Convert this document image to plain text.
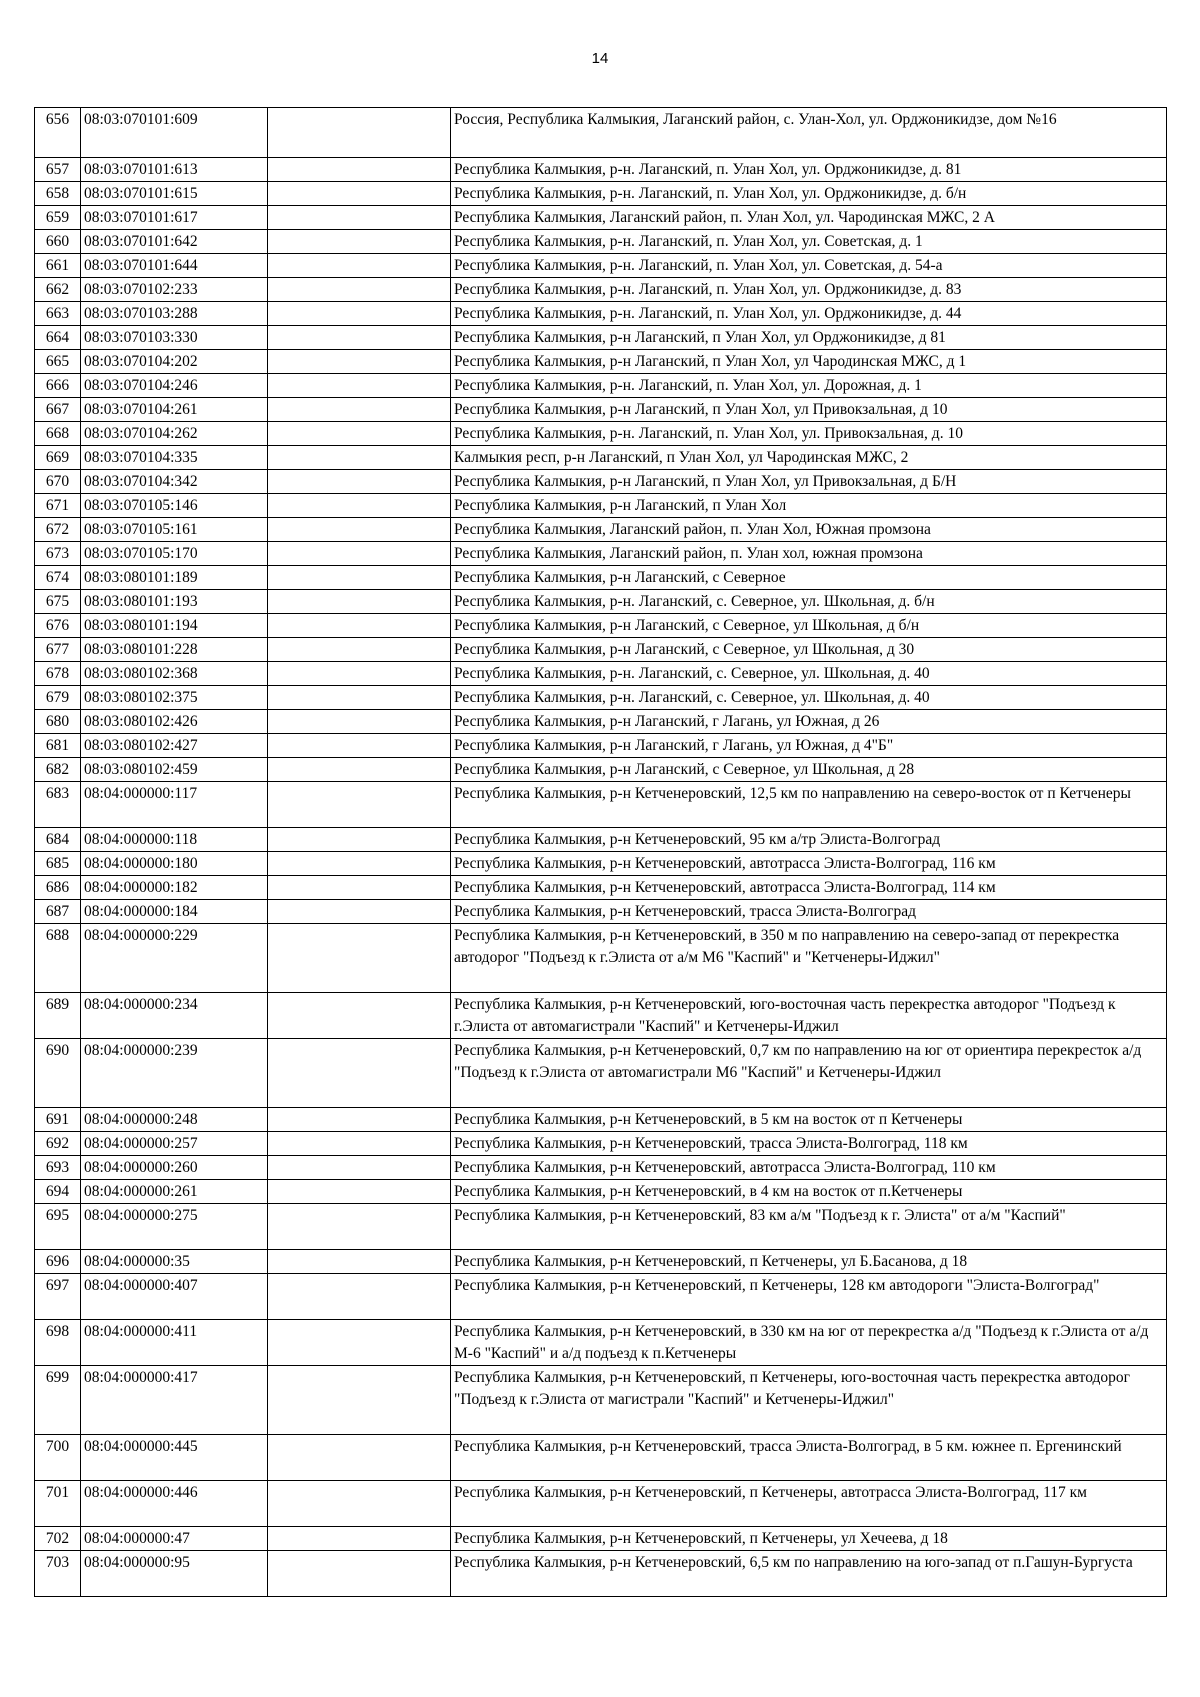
14
656	08:03:070101:609		Россия, Республика Калмыкия, Лаганский район, с. Улан-Хол, ул. Орджоникидзе, дом №16
657	08:03:070101:613		Республика Калмыкия, р-н. Лаганский, п. Улан Хол, ул. Орджоникидзе, д. 81
658	08:03:070101:615		Республика Калмыкия, р-н. Лаганский, п. Улан Хол, ул. Орджоникидзе, д. б/н
659	08:03:070101:617		Республика Калмыкия, Лаганский район, п. Улан Хол, ул. Чародинская МЖС, 2 А
660	08:03:070101:642		Республика Калмыкия, р-н. Лаганский, п. Улан Хол, ул. Советская, д. 1
661	08:03:070101:644		Республика Калмыкия, р-н. Лаганский, п. Улан Хол, ул. Советская, д. 54-а
662	08:03:070102:233		Республика Калмыкия, р-н. Лаганский, п. Улан Хол, ул. Орджоникидзе, д. 83
663	08:03:070103:288		Республика Калмыкия, р-н. Лаганский, п. Улан Хол, ул. Орджоникидзе, д. 44
664	08:03:070103:330		Республика Калмыкия, р-н Лаганский, п Улан Хол, ул Орджоникидзе, д 81
665	08:03:070104:202		Республика Калмыкия, р-н Лаганский, п Улан Хол, ул Чародинская МЖС, д 1
666	08:03:070104:246		Республика Калмыкия, р-н. Лаганский, п. Улан Хол, ул. Дорожная, д. 1
667	08:03:070104:261		Республика Калмыкия, р-н Лаганский, п Улан Хол, ул Привокзальная, д 10
668	08:03:070104:262		Республика Калмыкия, р-н. Лаганский, п. Улан Хол, ул. Привокзальная, д. 10
669	08:03:070104:335		Калмыкия респ, р-н Лаганский, п Улан Хол, ул Чародинская МЖС, 2
670	08:03:070104:342		Республика Калмыкия, р-н Лаганский, п Улан Хол, ул Привокзальная, д Б/Н
671	08:03:070105:146		Республика Калмыкия, р-н Лаганский, п Улан Хол
672	08:03:070105:161		Республика Калмыкия, Лаганский район, п. Улан Хол, Южная промзона
673	08:03:070105:170		Республика Калмыкия, Лаганский район, п. Улан хол, южная промзона
674	08:03:080101:189		Республика Калмыкия, р-н Лаганский, с Северное
675	08:03:080101:193		Республика Калмыкия, р-н. Лаганский, с. Северное, ул. Школьная, д. б/н
676	08:03:080101:194		Республика Калмыкия, р-н Лаганский, с Северное, ул Школьная, д б/н
677	08:03:080101:228		Республика Калмыкия, р-н Лаганский, с Северное, ул Школьная, д 30
678	08:03:080102:368		Республика Калмыкия, р-н. Лаганский, с. Северное, ул. Школьная, д. 40
679	08:03:080102:375		Республика Калмыкия, р-н. Лаганский, с. Северное, ул. Школьная, д. 40
680	08:03:080102:426		Республика Калмыкия, р-н Лаганский, г Лагань, ул Южная, д 26
681	08:03:080102:427		Республика Калмыкия, р-н Лаганский, г Лагань, ул Южная, д 4"Б"
682	08:03:080102:459		Республика Калмыкия, р-н Лаганский, с Северное, ул Школьная, д 28
683	08:04:000000:117		Республика Калмыкия, р-н Кетченеровский, 12,5 км по направлению на северо-восток от п Кетченеры
684	08:04:000000:118		Республика Калмыкия, р-н Кетченеровский, 95 км а/тр Элиста-Волгоград
685	08:04:000000:180		Республика Калмыкия, р-н Кетченеровский, автотрасса Элиста-Волгоград, 116 км
686	08:04:000000:182		Республика Калмыкия, р-н Кетченеровский, автотрасса Элиста-Волгоград, 114 км
687	08:04:000000:184		Республика Калмыкия, р-н Кетченеровский, трасса Элиста-Волгоград
688	08:04:000000:229		Республика Калмыкия, р-н Кетченеровский, в 350 м по направлению на северо-запад от перекрестка автодорог "Подъезд к г.Элиста от а/м М6 "Каспий" и "Кетченеры-Иджил"
689	08:04:000000:234		Республика Калмыкия, р-н Кетченеровский, юго-восточная часть перекрестка автодорог "Подъезд к г.Элиста от автомагистрали "Каспий" и Кетченеры-Иджил
690	08:04:000000:239		Республика Калмыкия, р-н Кетченеровский, 0,7 км по направлению на юг от ориентира перекресток а/д "Подъезд к г.Элиста от автомагистрали М6 "Каспий" и Кетченеры-Иджил
691	08:04:000000:248		Республика Калмыкия, р-н Кетченеровский, в 5 км на восток от п Кетченеры
692	08:04:000000:257		Республика Калмыкия, р-н Кетченеровский, трасса Элиста-Волгоград, 118 км
693	08:04:000000:260		Республика Калмыкия, р-н Кетченеровский, автотрасса Элиста-Волгоград, 110 км
694	08:04:000000:261		Республика Калмыкия, р-н Кетченеровский, в 4 км на восток от п.Кетченеры
695	08:04:000000:275		Республика Калмыкия, р-н Кетченеровский, 83 км а/м "Подъезд к г. Элиста" от а/м "Каспий"
696	08:04:000000:35		Республика Калмыкия, р-н Кетченеровский, п Кетченеры, ул Б.Басанова, д 18
697	08:04:000000:407		Республика Калмыкия, р-н Кетченеровский, п Кетченеры, 128 км автодороги "Элиста-Волгоград"
698	08:04:000000:411		Республика Калмыкия, р-н Кетченеровский, в 330 км на юг от перекрестка а/д "Подъезд к г.Элиста от а/д М-6 "Каспий" и а/д подъезд к п.Кетченеры
699	08:04:000000:417		Республика Калмыкия, р-н Кетченеровский, п Кетченеры, юго-восточная часть перекрестка автодорог "Подъезд к г.Элиста от магистрали "Каспий" и Кетченеры-Иджил"
700	08:04:000000:445		Республика Калмыкия, р-н Кетченеровский, трасса Элиста-Волгоград, в 5 км. южнее п. Ергенинский
701	08:04:000000:446		Республика Калмыкия, р-н Кетченеровский, п Кетченеры, автотрасса Элиста-Волгоград, 117 км
702	08:04:000000:47		Республика Калмыкия, р-н Кетченеровский, п Кетченеры, ул Хечеева, д 18
703	08:04:000000:95		Республика Калмыкия, р-н Кетченеровский, 6,5 км по направлению на юго-запад от п.Гашун-Бургуста
